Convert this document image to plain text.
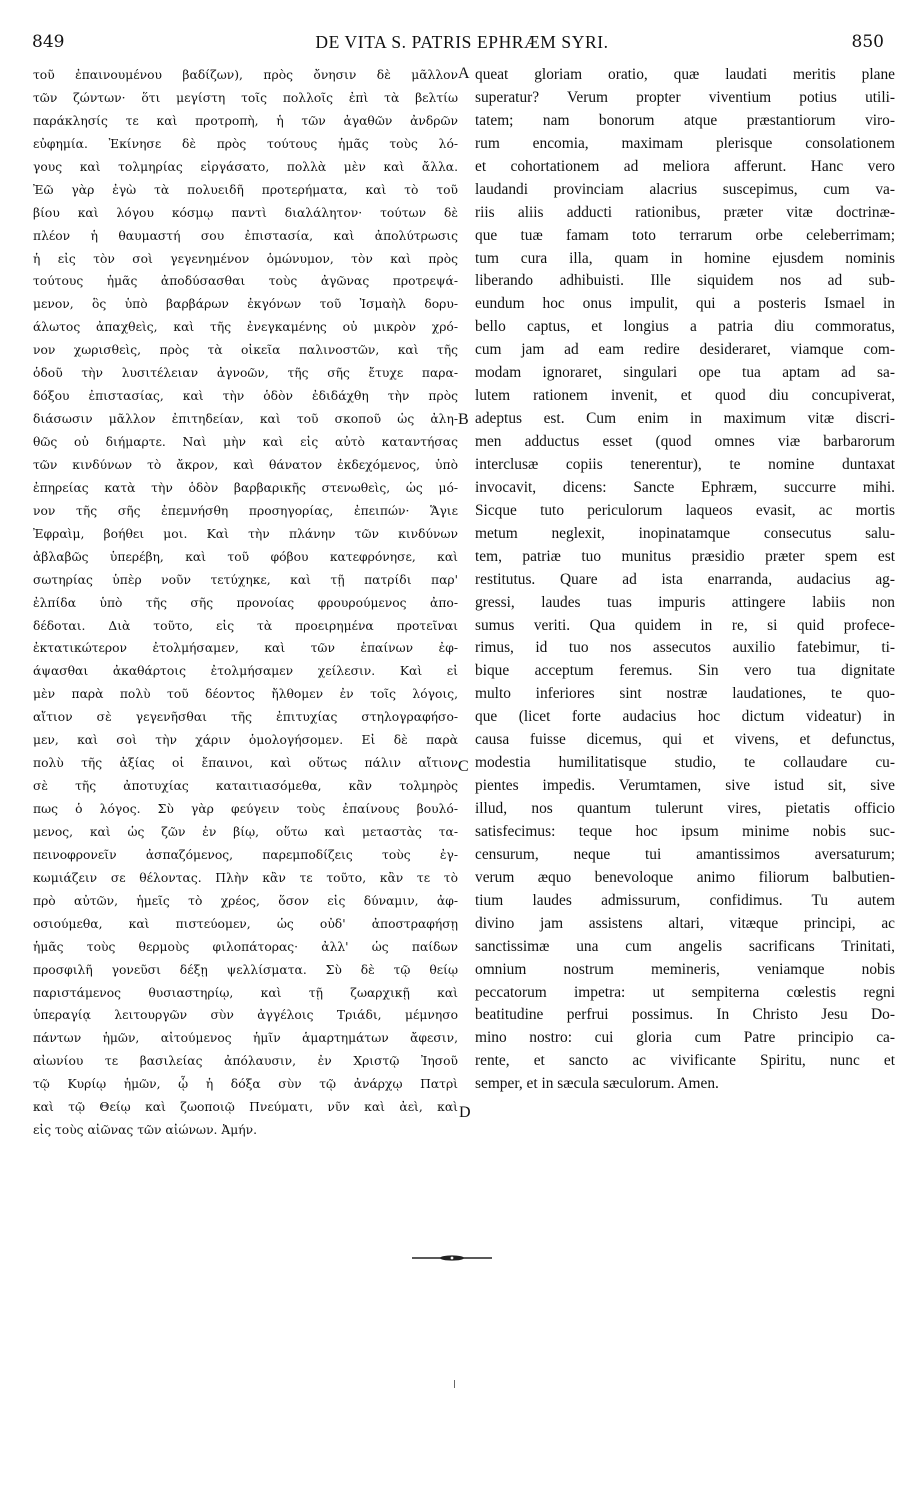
849	DE VITA S. PATRIS EPHRÆM SYRI.	850
τοῦ ἐπαινουμένου βαδίζων), πρὸς ὄνησιν δὲ μᾶλλον
τῶν ζώντων· ὅτι μεγίστη τοῖς πολλοῖς ἐπὶ τὰ βελτίω
παράκλησίς τε καὶ προτροπὴ, ἡ τῶν ἀγαθῶν ἀνδρῶν
εὐφημία. Ἐκίνησε δὲ πρὸς τούτους ἡμᾶς τοὺς λό-
γους καὶ τολμηρίας εἰργάσατο, πολλὰ μὲν καὶ ἄλλα.
Ἐῶ γὰρ ἐγὼ τὰ πολυειδῆ προτερήματα, καὶ τὸ τοῦ
βίου καὶ λόγου κόσμῳ παντὶ διαλάλητον· τούτων δὲ
πλέον ἡ θαυμαστή σου ἐπιστασία, καὶ ἀπολύτρωσις
ἡ εἰς τὸν σοὶ γεγενημένον ὁμώνυμον, τὸν καὶ πρὸς
τούτους ἡμᾶς ἀποδύσασθαι τοὺς ἀγῶνας προτρεψά-
μενον, ὃς ὑπὸ βαρβάρων ἐκγόνων τοῦ Ἰσμαὴλ δορυ-
άλωτος ἀπαχθεὶς, καὶ τῆς ἐνεγκαμένης οὐ μικρὸν χρό-
νον χωρισθεὶς, πρὸς τὰ οἰκεῖα παλινοστῶν, καὶ τῆς
ὁδοῦ τὴν λυσιτέλειαν ἀγνοῶν, τῆς σῆς ἔτυχε παρα-
δόξου ἐπιστασίας, καὶ τὴν ὁδὸν ἐδιδάχθη τὴν πρὸς
διάσωσιν μᾶλλον ἐπιτηδείαν, καὶ τοῦ σκοποῦ ὡς ἀλη-
θῶς οὐ διήμαρτε. Ναὶ μὴν καὶ εἰς αὐτὸ καταντήσας
τῶν κινδύνων τὸ ἄκρον, καὶ θάνατον ἐκδεχόμενος, ὑπὸ
ἐπηρείας κατὰ τὴν ὁδὸν βαρβαρικῆς στενωθεὶς, ὡς μό-
νον τῆς σῆς ἐπεμνήσθη προσηγορίας, ἐπειπών· Ἅγιε
Ἐφραὶμ, βοήθει μοι. Καὶ τὴν πλάνην τῶν κινδύνων
ἀβλαβῶς ὑπερέβη, καὶ τοῦ φόβου κατεφρόνησε, καὶ
σωτηρίας ὑπὲρ νοῦν τετύχηκε, καὶ τῇ πατρίδι παρ'
ἐλπίδα ὑπὸ τῆς σῆς προνοίας φρουρούμενος ἀπο-
δέδοται. Διὰ τοῦτο, εἰς τὰ προειρημένα προτεῖναι
ἐκτατικώτερον ἐτολμήσαμεν, καὶ τῶν ἐπαίνων ἐφ-
άψασθαι ἀκαθάρτοις ἐτολμήσαμεν χείλεσιν. Καὶ εἰ
μὲν παρὰ πολὺ τοῦ δέοντος ἤλθομεν ἐν τοῖς λόγοις,
αἴτιον σὲ γεγενῆσθαι τῆς ἐπιτυχίας στηλογραφήσο-
μεν, καὶ σοὶ τὴν χάριν ὁμολογήσομεν. Εἰ δὲ παρὰ
πολὺ τῆς ἀξίας οἱ ἔπαινοι, καὶ οὕτως πάλιν αἴτιον
σὲ τῆς ἀποτυχίας καταιτιασόμεθα, κἂν τολμηρὸς
πως ὁ λόγος. Σὺ γὰρ φεύγειν τοὺς ἐπαίνους βουλό-
μενος, καὶ ὡς ζῶν ἐν βίῳ, οὕτω καὶ μεταστὰς τα-
πεινοφρονεῖν ἀσπαζόμενος, παρεμποδίζεις τοὺς ἐγ-
κωμιάζειν σε θέλοντας. Πλὴν κἂν τε τοῦτο, κἂν τε τὸ
πρὸ αὐτῶν, ἡμεῖς τὸ χρέος, ὅσον εἰς δύναμιν, ἀφ-
οσιούμεθα, καὶ πιστεύομεν, ὡς οὐδ' ἀποστραφήσῃ
ἡμᾶς τοὺς θερμοὺς φιλοπάτορας· ἀλλ' ὡς παίδων
προσφιλῆ γονεῦσι δέξῃ ψελλίσματα. Σὺ δὲ τῷ θείῳ
παριστάμενος θυσιαστηρίῳ, καὶ τῇ ζωαρχικῇ καὶ
ὑπεραγίᾳ λειτουργῶν σὺν ἀγγέλοις Τριάδι, μέμνησο
πάντων ἡμῶν, αἰτούμενος ἡμῖν ἁμαρτημάτων ἄφεσιν,
αἰωνίου τε βασιλείας ἀπόλαυσιν, ἐν Χριστῷ Ἰησοῦ
τῷ Κυρίῳ ἡμῶν, ᾧ ἡ δόξα σὺν τῷ ἀνάρχῳ Πατρὶ
καὶ τῷ Θείῳ καὶ ζωοποιῷ Πνεύματι, νῦν καὶ ἀεὶ, καὶ
εἰς τοὺς αἰῶνας τῶν αἰώνων. Ἀμήν.
queat gloriam oratio, quæ laudati meritis plane
superatur? Verum propter viventium potius utili-
tatem; nam bonorum atque præstantiorum viro-
rum encomia, maximam plerisque consolationem
et cohortationem ad meliora afferunt. Hanc vero
laudandi provinciam alacrius suscepimus, cum va-
riis aliis adducti rationibus, præter vitæ doctrinæ-
que tuæ famam toto terrarum orbe celeberrimam;
tum cura illa, quam in homine ejusdem nominis
liberando adhibuisti. Ille siquidem nos ad sub-
eundum hoc onus impulit, qui a posteris Ismael in
bello captus, et longius a patria diu commoratus,
cum jam ad eam redire desideraret, viamque com-
modam ignoraret, singulari ope tua aptam ad sa-
lutem rationem invenit, et quod diu concupiverat,
adeptus est. Cum enim in maximum vitæ discri-
men adductus esset (quod omnes viæ barbarorum
interclusæ copiis tenerentur), te nomine duntaxat
invocavit, dicens: Sancte Ephræm, succurre mihi.
Sicque tuto periculorum laqueos evasit, ac mortis
metum neglexit, inopinatamque consecutus salu-
tem, patriæ tuo munitus præsidio præter spem est
restitutus. Quare ad ista enarranda, audacius ag-
gressi, laudes tuas impuris attingere labiis non
sumus veriti. Qua quidem in re, si quid profece-
rimus, id tuo nos assecutos auxilio fatebimur, ti-
bique acceptum feremus. Sin vero tua dignitate
multo inferiores sint nostræ laudationes, te quo-
que (licet forte audacius hoc dictum videatur) in
causa fuisse dicemus, qui et vivens, et defunctus,
modestia humilitatisque studio, te collaudare cu-
pientes impedis. Verumtamen, sive istud sit, sive
illud, nos quantum tulerunt vires, pietatis officio
satisfecimus: teque hoc ipsum minime nobis suc-
censurum, neque tui amantissimos aversaturum;
verum æquo benevoloque animo filiorum balbutien-
tium laudes admissurum, confidimus. Tu autem
divino jam assistens altari, vitæque principi, ac
sanctissimæ una cum angelis sacrificans Trinitati,
omnium nostrum memineris, veniamque nobis
peccatorum impetra: ut sempiterna cœlestis regni
beatitudine perfrui possimus. In Christo Jesu Do-
mino nostro: cui gloria cum Patre principio ca-
rente, et sancto ac vivificante Spiritu, nunc et
semper, et in sæcula sæculorum. Amen.
A
B
C
D
